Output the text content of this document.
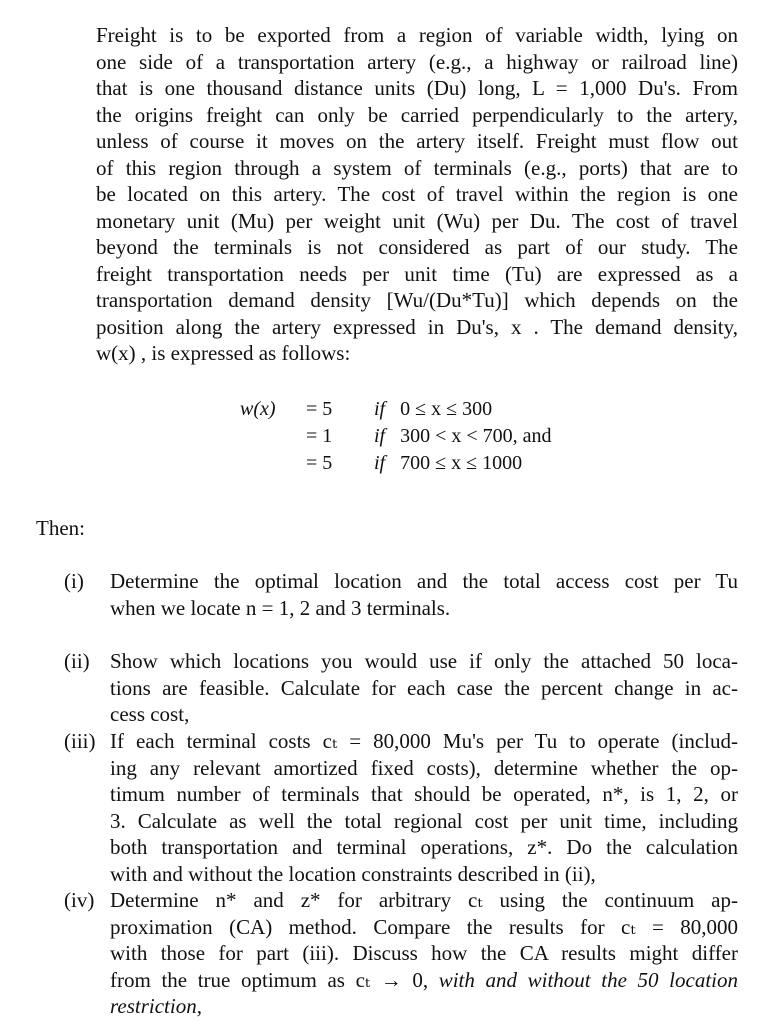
Freight is to be exported from a region of variable width, lying on
one side of a transportation artery (e.g., a highway or railroad line)
that is one thousand distance units (Du) long, L = 1,000 Du's. From
the origins freight can only be carried perpendicularly to the artery,
unless of course it moves on the artery itself. Freight must flow out
of this region through a system of terminals (e.g., ports) that are to
be located on this artery. The cost of travel within the region is one
monetary unit (Mu) per weight unit (Wu) per Du. The cost of travel
beyond the terminals is not considered as part of our study. The
freight transportation needs per unit time (Tu) are expressed as a
transportation demand density [Wu/(Du*Tu)] which depends on the
position along the artery expressed in Du's, x . The demand density,
w(x) , is expressed as follows:
w(x)	= 5	if 0 ≤ x ≤ 300
= 1	if 300 < x < 700, and
= 5	if 700 ≤ x ≤ 1000

Then:

(i) Determine the optimal location and the total access cost per Tu
when we locate n = 1, 2 and 3 terminals.
(ii) Show which locations you would use if only the attached 50 loca-
tions are feasible. Calculate for each case the percent change in ac-
cess cost,
(iii) If each terminal costs cₜ = 80,000 Mu's per Tu to operate (includ-
ing any relevant amortized fixed costs), determine whether the op-
timum number of terminals that should be operated, n*, is 1, 2, or
3. Calculate as well the total regional cost per unit time, including
both transportation and terminal operations, z*. Do the calculation
with and without the location constraints described in (ii),
(iv) Determine n* and z* for arbitrary cₜ using the continuum ap-
proximation (CA) method. Compare the results for cₜ = 80,000
with those for part (iii). Discuss how the CA results might differ
from the true optimum as cₜ → 0, with and without the 50 location
restriction,
